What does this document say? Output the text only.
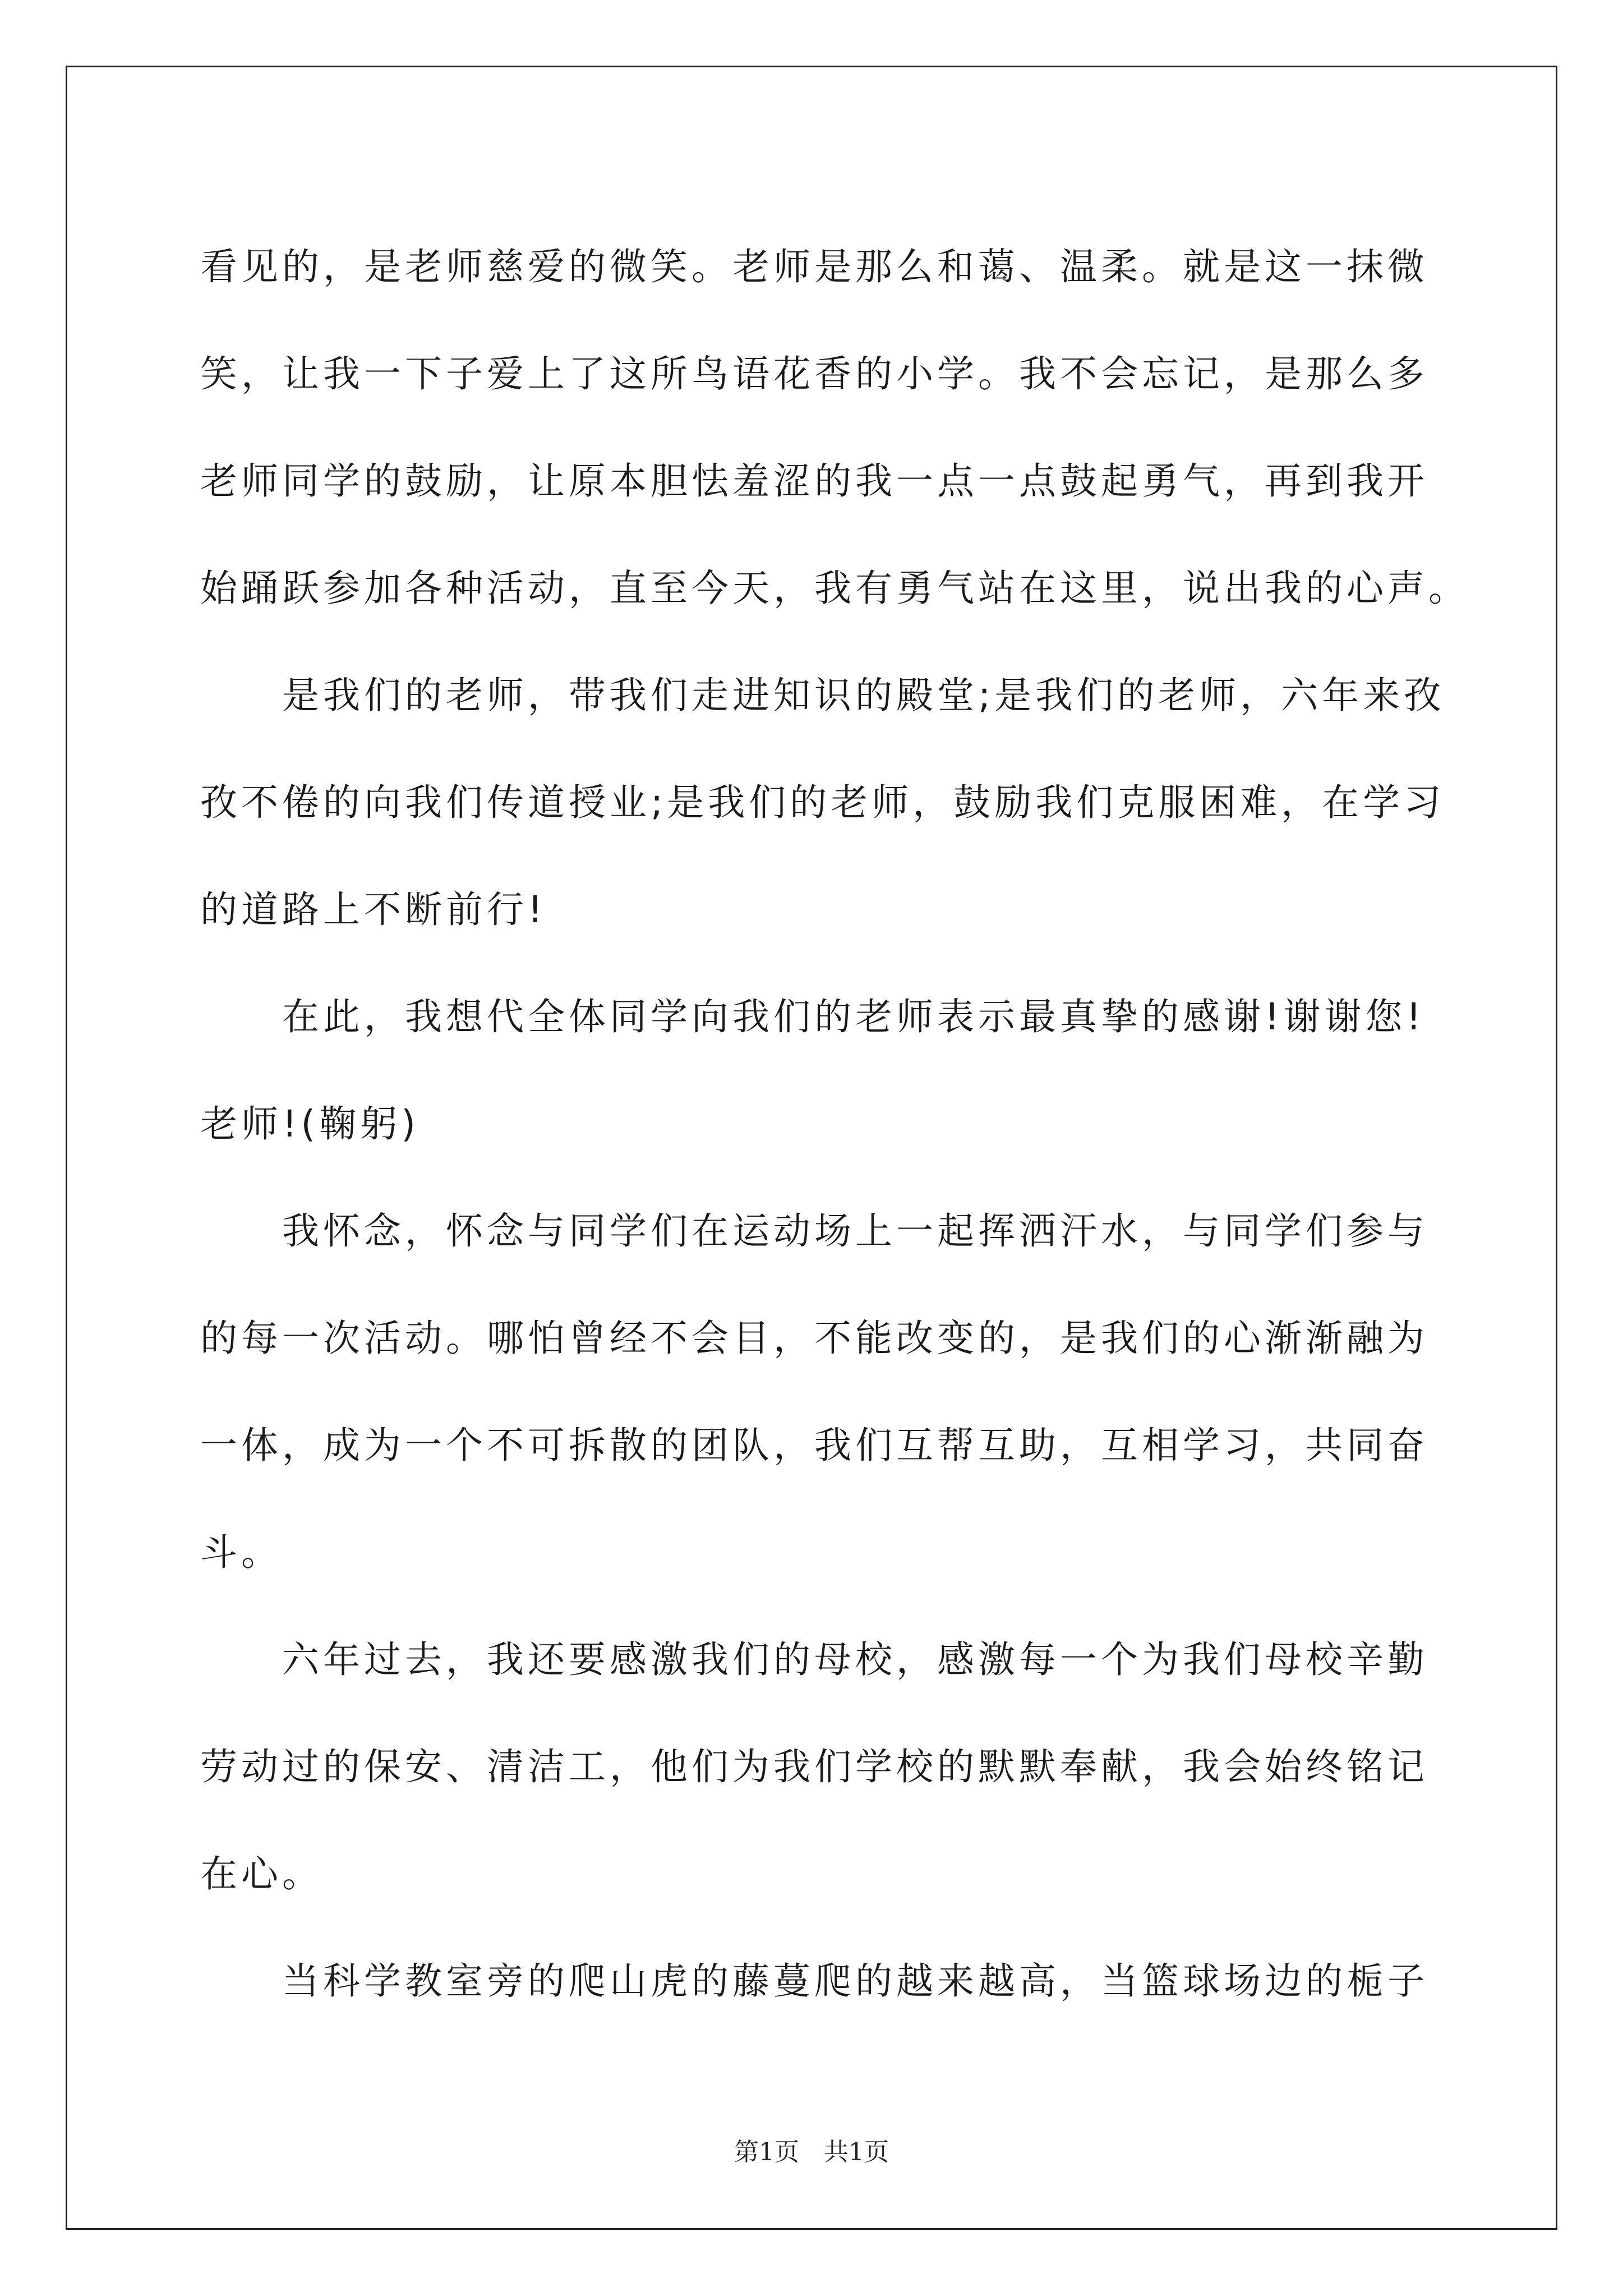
看见的，是老师慈爱的微笑。老师是那么和蔼、温柔。就是这一抹微
笑，让我一下子爱上了这所鸟语花香的小学。我不会忘记，是那么多
老师同学的鼓励，让原本胆怯羞涩的我一点一点鼓起勇气，再到我开
始踊跃参加各种活动，直至今天，我有勇气站在这里，说出我的心声。

是我们的老师，带我们走进知识的殿堂;是我们的老师，六年来孜
孜不倦的向我们传道授业;是我们的老师，鼓励我们克服困难，在学习
的道路上不断前行!

在此，我想代全体同学向我们的老师表示最真挚的感谢!谢谢您!
老师!(鞠躬)

我怀念，怀念与同学们在运动场上一起挥洒汗水，与同学们参与
的每一次活动。哪怕曾经不会目，不能改变的，是我们的心渐渐融为
一体，成为一个不可拆散的团队，我们互帮互助，互相学习，共同奋
斗。

六年过去，我还要感激我们的母校，感激每一个为我们母校辛勤
劳动过的保安、清洁工，他们为我们学校的默默奉献，我会始终铭记
在心。

当科学教室旁的爬山虎的藤蔓爬的越来越高，当篮球场边的栀子

第1页 共1页
